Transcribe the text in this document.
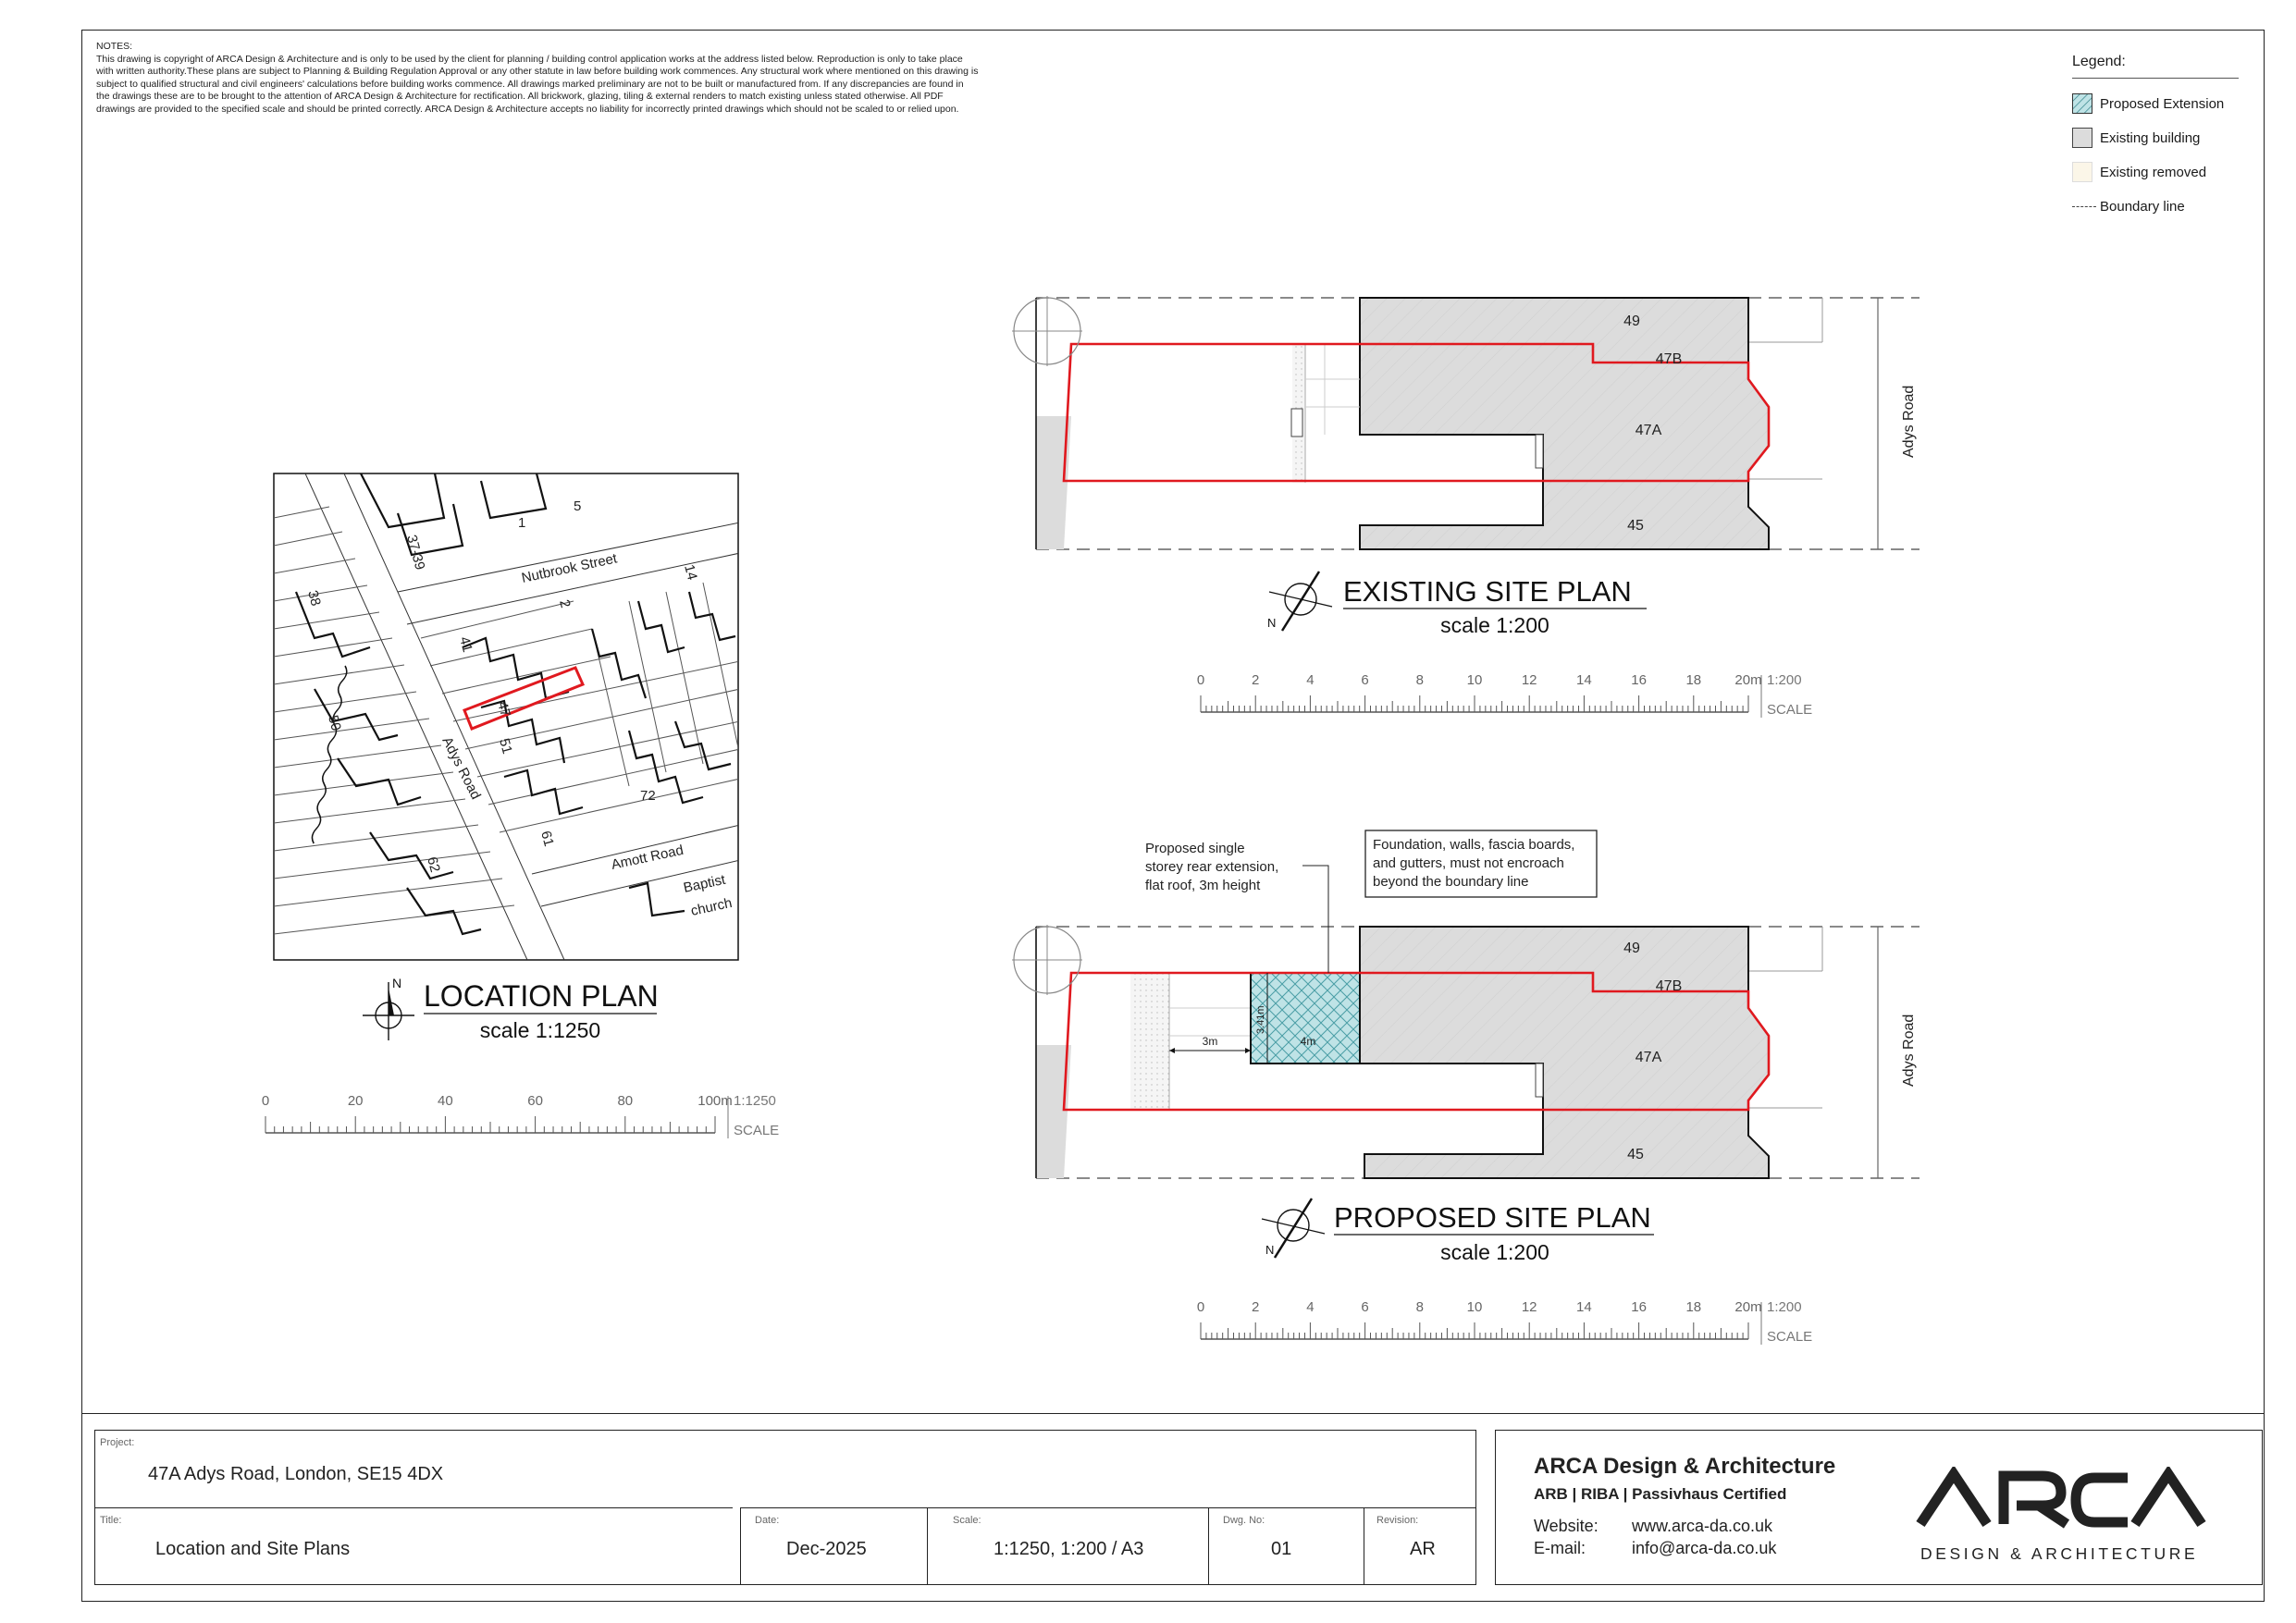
NOTES:
This drawing is copyright of ARCA Design & Architecture and is only to be used by the client for planning / building control application works at the address listed below. Reproduction is only to take place
with written authority.These plans are subject to Planning & Building Regulation Approval or any other statute in law before building work commences. Any structural work where mentioned on this drawing is
subject to qualified structural and civil engineers' calculations before building works commence. All drawings marked preliminary are not to be built or manufactured from. If any discrepancies are found in
the drawings these are to be brought to the attention of ARCA Design & Architecture for rectification. All brickwork, glazing, tiling & external renders to match existing unless stated otherwise. All PDF
drawings are provided to the specified scale and should be printed correctly. ARCA Design & Architecture accepts no liability for incorrectly printed drawings which should not be scaled to or relied upon.
Legend:
Proposed Extension
Existing building
Existing removed
Boundary line
Nutbrook Street
Adys Road
Amott Road
Baptist
church
37-39
1
5
38
50
62
41
47
51
61
2
14
72
N LOCATION PLAN
scale 1:1250
49
47B
47A
45
Adys Road
N
EXISTING SITE PLAN
scale 1:200
3m	4m
3.41m
49
47B
47A
45
Adys Road
Proposed single
storey rear extension,
flat roof, 3m height
Foundation, walls, fascia boards,
and gutters, must not encroach
beyond the boundary line
N
PROPOSED SITE PLAN
scale 1:200
0	20	40	60	80	100m 1:1250
SCALE
0	2	4	6	8	10	12	14	16	18 20m 1:200
SCALE
0	2	4	6	8	10	12	14	16	18 20m 1:200
SCALE
Project:
47A Adys Road, London, SE15 4DX
Title:
Location and Site Plans
Date:
Dec-2025
Scale:
1:1250, 1:200 / A3
Dwg. No:
01
Revision:
AR
ARCA Design & Architecture
ARB | RIBA | Passivhaus Certified
Website: www.arca-da.co.uk
E-mail:	info@arca-da.co.uk	DESIGN & ARCHITECTURE
